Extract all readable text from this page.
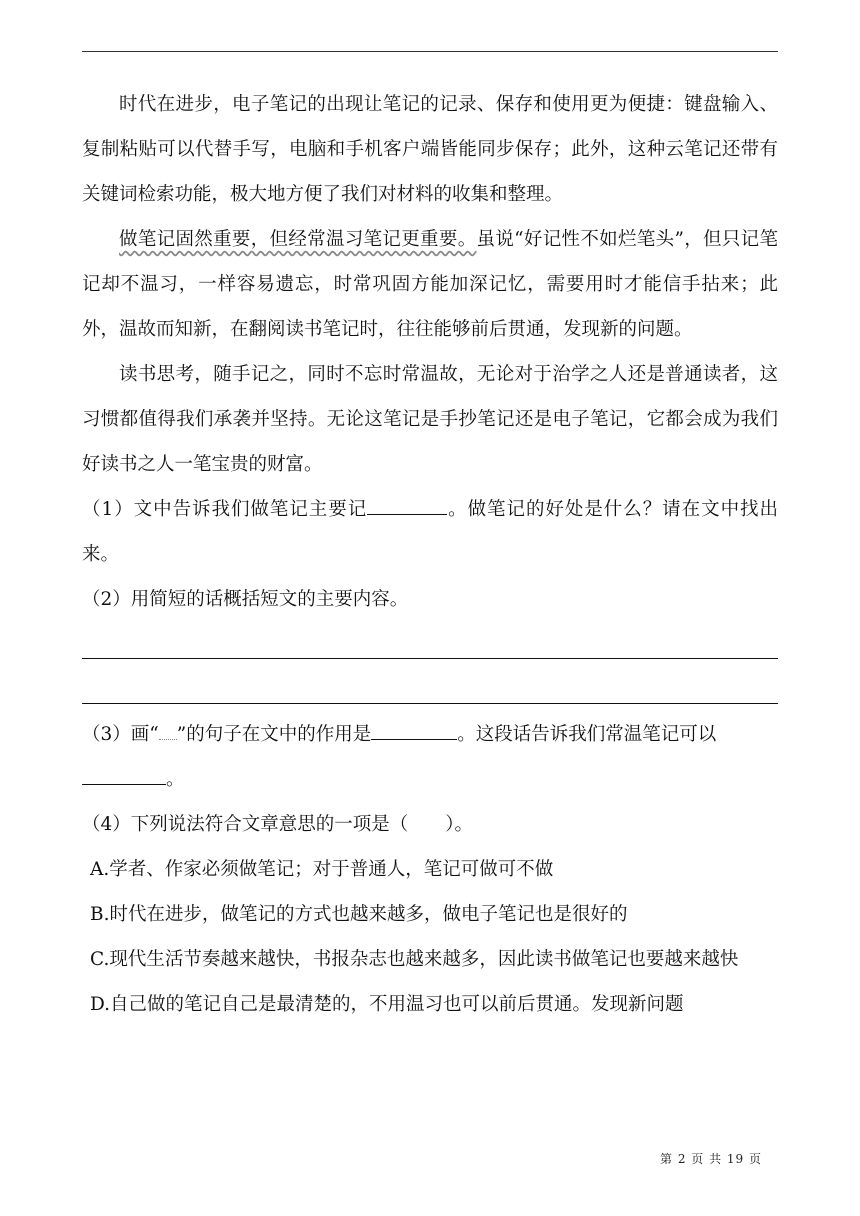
时代在进步，电子笔记的出现让笔记的记录、保存和使用更为便捷：键盘输入、复制粘贴可以代替手写，电脑和手机客户端皆能同步保存；此外，这种云笔记还带有关键词检索功能，极大地方便了我们对材料的收集和整理。

做笔记固然重要，但经常温习笔记更重要。虽说“好记性不如烂笔头”，但只记笔记却不温习，一样容易遗忘，时常巩固方能加深记忆，需要用时才能信手拈来；此外，温故而知新，在翻阅读书笔记时，往往能够前后贯通，发现新的问题。

读书思考，随手记之，同时不忘时常温故，无论对于治学之人还是普通读者，这习惯都值得我们承袭并坚持。无论这笔记是手抄笔记还是电子笔记，它都会成为我们好读书之人一笔宝贵的财富。

（1）文中告诉我们做笔记主要记	。做笔记的好处是什么？请在文中找出来。

（2）用简短的话概括短文的主要内容。

（3）画“ ”的句子在文中的作用是	。这段话告诉我们常温笔记可以
。

（4）下列说法符合文章意思的一项是（　　）。

A.学者、作家必须做笔记；对于普通人，笔记可做可不做

B.时代在进步，做笔记的方式也越来越多，做电子笔记也是很好的

C.现代生活节奏越来越快，书报杂志也越来越多，因此读书做笔记也要越来越快

D.自己做的笔记自己是最清楚的，不用温习也可以前后贯通。发现新问题

第 2 页 共 19 页
